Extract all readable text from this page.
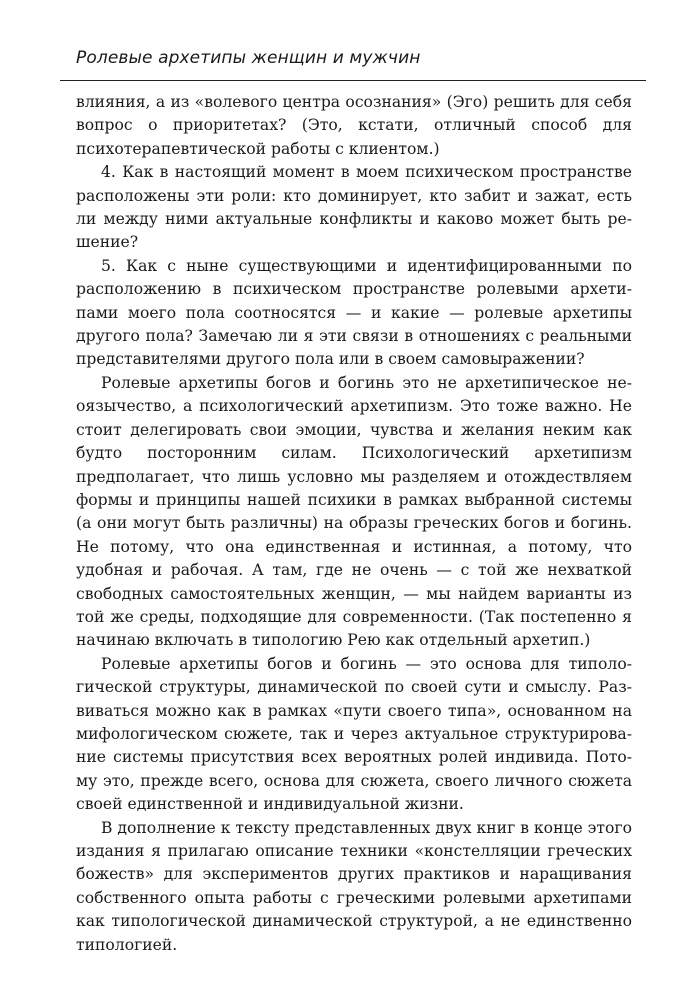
Ролевые архетипы женщин и мужчин

влияния, а из «волевого центра осознания» (Эго) решить для себя вопрос о приоритетах? (Это, кстати, отличный способ для психотерапевтической работы с клиентом.)

4. Как в настоящий момент в моем психическом пространстве расположены эти роли: кто доминирует, кто забит и зажат, есть ли между ними актуальные конфликты и каково может быть решение?

5. Как с ныне существующими и идентифицированными по расположению в психическом пространстве ролевыми архетипами моего пола соотносятся — и какие — ролевые архетипы другого пола? Замечаю ли я эти связи в отношениях с реальными представителями другого пола или в своем самовыражении?

Ролевые архетипы богов и богинь это не архетипическое неоязычество, а психологический архетипизм. Это тоже важно. Не стоит делегировать свои эмоции, чувства и желания неким как будто посторонним силам. Психологический архетипизм предполагает, что лишь условно мы разделяем и отождествляем формы и принципы нашей психики в рамках выбранной системы (а они могут быть различны) на образы греческих богов и богинь. Не потому, что она единственная и истинная, а потому, что удобная и рабочая. А там, где не очень — с той же нехваткой свободных самостоятельных женщин, — мы найдем варианты из той же среды, подходящие для современности. (Так постепенно я начинаю включать в типологию Рею как отдельный архетип.)

Ролевые архетипы богов и богинь — это основа для типологической структуры, динамической по своей сути и смыслу. Развиваться можно как в рамках «пути своего типа», основанном на мифологическом сюжете, так и через актуальное структурирование системы присутствия всех вероятных ролей индивида. Потому это, прежде всего, основа для сюжета, своего личного сюжета своей единственной и индивидуальной жизни.

В дополнение к тексту представленных двух книг в конце этого издания я прилагаю описание техники «констелляции греческих божеств» для экспериментов других практиков и наращивания собственного опыта работы с греческими ролевыми архетипами как типологической динамической структурой, а не единственно типологией.
